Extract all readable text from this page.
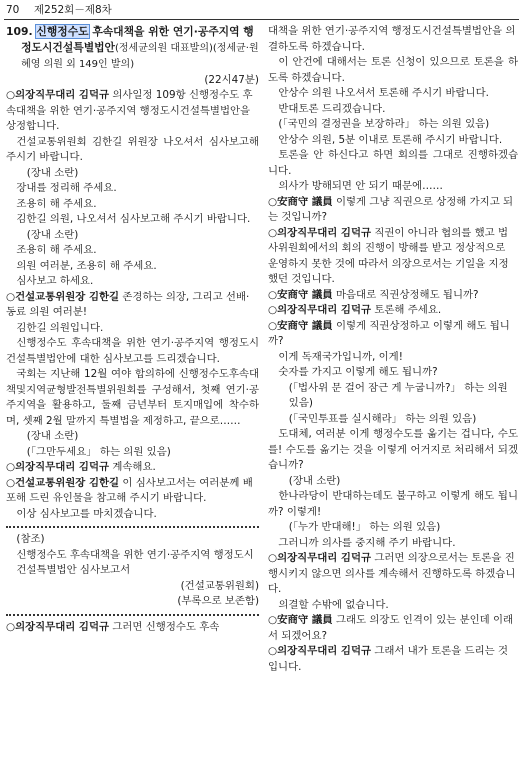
70 제252회－제8차

109. 신행정수도 후속대책을 위한 연기·공주지역 행정도시건설특별법안(정세균의원 대표발의)(정세균·원혜영 의원 외 149인 발의)

(22시47분)

○의장직무대리 김덕규 의사일정 109항 신행정수도 후속대책을 위한 연기·공주지역 행정도시건설특별법안을 상정합니다.

건설교통위원회 김한길 위원장 나오셔서 심사보고해 주시기 바랍니다.

(장내 소란)

장내를 정리해 주세요.

조용히 해 주세요.

김한길 의원, 나오셔서 심사보고해 주시기 바랍니다.

(장내 소란)

조용히 해 주세요.

의원 여러분, 조용히 해 주세요.

심사보고 하세요.

○건설교통위원장 김한길 존경하는 의장, 그리고 선배·동료 의원 여러분!

김한길 의원입니다.

신행정수도 후속대책을 위한 연기·공주지역 행정도시건설특별법안에 대한 심사보고를 드리겠습니다.

국회는 지난해 12월 여야 합의하에 신행정수도후속대책및지역균형발전특별위원회를 구성해서, 첫째 연기·공주지역을 활용하고, 둘째 금년부터 토지매입에 착수하며, 셋째 2월 말까지 특별법을 제정하고, 끝으로……

(장내 소란)

(「그만두세요」 하는 의원 있음)

○의장직무대리 김덕규 계속해요.

○건설교통위원장 김한길 이 심사보고서는 여러분께 배포해 드린 유인물을 참고해 주시기 바랍니다.

이상 심사보고를 마치겠습니다.

(참조)

신행정수도 후속대책을 위한 연기·공주지역 행정도시건설특별법안 심사보고서

(건설교통위원회)

(부록으로 보존함)

○의장직무대리 김덕규 그러면 신행정수도 후속

대책을 위한 연기·공주지역 행정도시건설특별법안을 의결하도록 하겠습니다.

이 안건에 대해서는 토론 신청이 있으므로 토론을 하도록 하겠습니다.

안상수 의원 나오셔서 토론해 주시기 바랍니다.

반대토론 드리겠습니다.

(「국민의 결정권을 보장하라」 하는 의원 있음)

안상수 의원, 5분 이내로 토론해 주시기 바랍니다.

토론을 안 하신다고 하면 회의를 그대로 진행하겠습니다.

의사가 방해되면 안 되기 때문에……

○安商守 議員 이렇게 그냥 직권으로 상정해 가지고 되는 것입니까?

○의장직무대리 김덕규 직권이 아니라 협의를 했고 법사위원회에서의 회의 진행이 방해를 받고 정상적으로 운영하지 못한 것에 따라서 의장으로서는 기일을 지정했던 것입니다.

○安商守 議員 마음대로 직권상정해도 됩니까?

○의장직무대리 김덕규 토론해 주세요.

○安商守 議員 이렇게 직권상정하고 이렇게 해도 됩니까?

이게 독재국가입니까, 이게!

숫자를 가지고 이렇게 해도 됩니까?

(「법사위 문 걸어 잠근 게 누굽니까?」 하는 의원 있음)

(「국민투표를 실시해라」 하는 의원 있음)

도대체, 여러분 이게 행정수도를 옮기는 겁니다, 수도를! 수도를 옮기는 것을 이렇게 어거지로 처리해서 되겠습니까?

(장내 소란)

한나라당이 반대하는데도 불구하고 이렇게 해도 됩니까? 이렇게!

(「누가 반대해!」 하는 의원 있음)

그러니까 의사를 중지해 주기 바랍니다.

○의장직무대리 김덕규 그러면 의장으로서는 토론을 진행시키지 않으면 의사를 계속해서 진행하도록 하겠습니다.

의결할 수밖에 없습니다.

○安商守 議員 그래도 의장도 인격이 있는 분인데 이래서 되겠어요?

○의장직무대리 김덕규 그래서 내가 토론을 드리는 것입니다.
